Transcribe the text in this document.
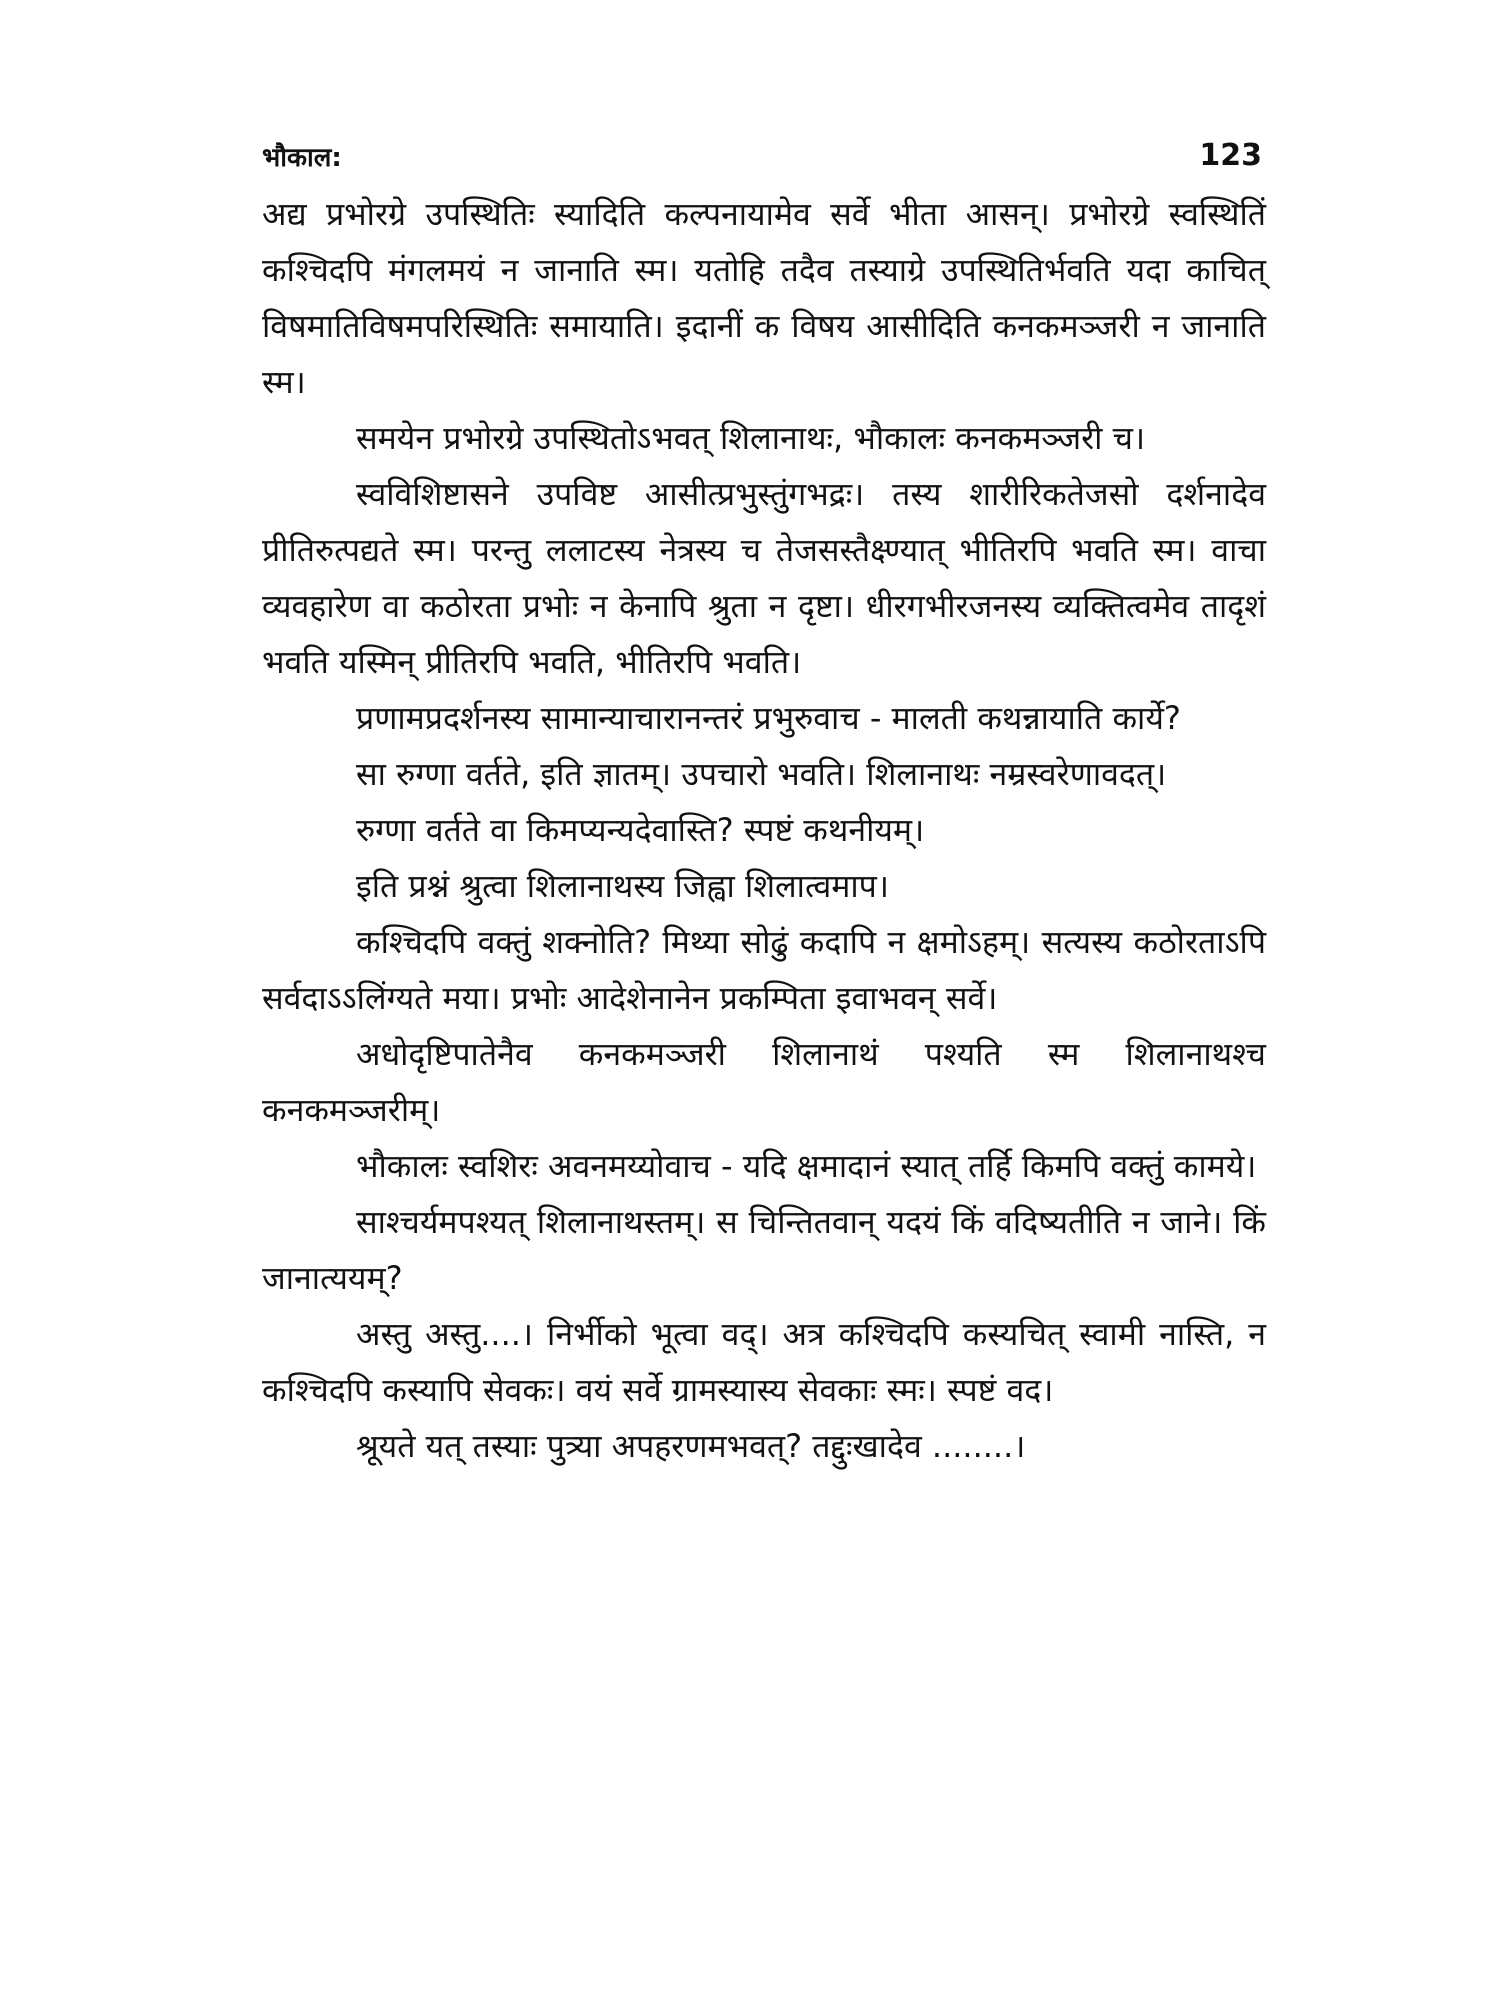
भौकाल:	123

अद्य प्रभोरग्रे उपस्थितिः स्यादिति कल्पनायामेव सर्वे भीता आसन्। प्रभोरग्रे स्वस्थितिं कश्चिदपि मंगलमयं न जानाति स्म। यतोहि तदैव तस्याग्रे उपस्थितिर्भवति यदा काचित् विषमातिविषमपरिस्थितिः समायाति। इदानीं क विषय आसीदिति कनकमञ्जरी न जानाति स्म।

समयेन प्रभोरग्रे उपस्थितोऽभवत् शिलानाथः, भौकालः कनकमञ्जरी च।

स्वविशिष्टासने उपविष्ट आसीत्प्रभुस्तुंगभद्रः। तस्य शारीरिकतेजसो दर्शनादेव प्रीतिरुत्पद्यते स्म। परन्तु ललाटस्य नेत्रस्य च तेजसस्तैक्ष्ण्यात् भीतिरपि भवति स्म। वाचा व्यवहारेण वा कठोरता प्रभोः न केनापि श्रुता न दृष्टा। धीरगभीरजनस्य व्यक्तित्वमेव तादृशं भवति यस्मिन् प्रीतिरपि भवति, भीतिरपि भवति।

प्रणामप्रदर्शनस्य सामान्याचारानन्तरं प्रभुरुवाच - मालती कथन्नायाति कार्ये?

सा रुग्णा वर्तते, इति ज्ञातम्। उपचारो भवति। शिलानाथः नम्रस्वरेणावदत्।

रुग्णा वर्तते वा किमप्यन्यदेवास्ति? स्पष्टं कथनीयम्।

इति प्रश्नं श्रुत्वा शिलानाथस्य जिह्वा शिलात्वमाप।

कश्चिदपि वक्तुं शक्नोति? मिथ्या सोढुं कदापि न क्षमोऽहम्। सत्यस्य कठोरताऽपि सर्वदाऽऽलिंग्यते मया। प्रभोः आदेशेनानेन प्रकम्पिता इवाभवन् सर्वे।

अधोदृष्टिपातेनैव कनकमञ्जरी शिलानाथं पश्यति स्म शिलानाथश्च कनकमञ्जरीम्।

भौकालः स्वशिरः अवनमय्योवाच - यदि क्षमादानं स्यात् तर्हि किमपि वक्तुं कामये।

साश्चर्यमपश्यत् शिलानाथस्तम्। स चिन्तितवान् यदयं किं वदिष्यतीति न जाने। किं जानात्ययम्?

अस्तु अस्तु....। निर्भीको भूत्वा वद्। अत्र कश्चिदपि कस्यचित् स्वामी नास्ति, न कश्चिदपि कस्यापि सेवकः। वयं सर्वे ग्रामस्यास्य सेवकाः स्मः। स्पष्टं वद।

श्रूयते यत् तस्याः पुत्र्या अपहरणमभवत्? तद्दुःखादेव ........।
